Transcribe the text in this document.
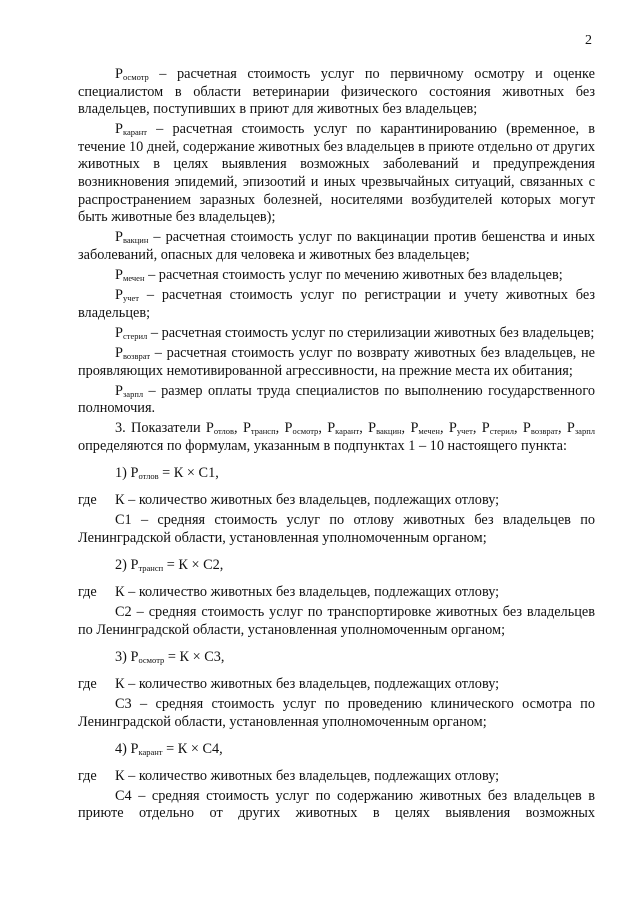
2

$Р_{осмотр}$ – расчетная стоимость услуг по первичному осмотру и оценке специалистом в области ветеринарии физического состояния животных без владельцев, поступивших в приют для животных без владельцев;

$Р_{карант}$ – расчетная стоимость услуг по карантинированию (временное, в течение 10 дней, содержание животных без владельцев в приюте отдельно от других животных в целях выявления возможных заболеваний и предупреждения возникновения эпидемий, эпизоотий и иных чрезвычайных ситуаций, связанных с распространением заразных болезней, носителями возбудителей которых могут быть животные без владельцев);

$Р_{вакцин}$ – расчетная стоимость услуг по вакцинации против бешенства и иных заболеваний, опасных для человека и животных без владельцев;

$Р_{мечен}$ – расчетная стоимость услуг по мечению животных без владельцев;

$Р_{учет}$ – расчетная стоимость услуг по регистрации и учету животных без владельцев;

$Р_{стерил}$ – расчетная стоимость услуг по стерилизации животных без владельцев;

$Р_{возврат}$ – расчетная стоимость услуг по возврату животных без владельцев, не проявляющих немотивированной агрессивности, на прежние места их обитания;

$Р_{зарпл}$ – размер оплаты труда специалистов по выполнению государственного полномочия.

3. Показатели $Р_{отлов}$, $Р_{трансп}$, $Р_{осмотр}$, $Р_{карант}$, $Р_{вакцин}$, $Р_{мечен}$, $Р_{учет}$, $Р_{стерил}$, $Р_{возврат}$, $Р_{зарпл}$ определяются по формулам, указанным в подпунктах 1 – 10 настоящего пункта:

1) $Р_{отлов} = К \times С1$,

где К – количество животных без владельцев, подлежащих отлову;

С1 – средняя стоимость услуг по отлову животных без владельцев по Ленинградской области, установленная уполномоченным органом;

2) $Р_{трансп} = К \times С2$,

где К – количество животных без владельцев, подлежащих отлову;

С2 – средняя стоимость услуг по транспортировке животных без владельцев по Ленинградской области, установленная уполномоченным органом;

3) $Р_{осмотр} = К \times С3$,

где К – количество животных без владельцев, подлежащих отлову;

С3 – средняя стоимость услуг по проведению клинического осмотра по Ленинградской области, установленная уполномоченным органом;

4) $Р_{карант} = К \times С4$,

где К – количество животных без владельцев, подлежащих отлову;

С4 – средняя стоимость услуг по содержанию животных без владельцев в приюте отдельно от других животных в целях выявления возможных
